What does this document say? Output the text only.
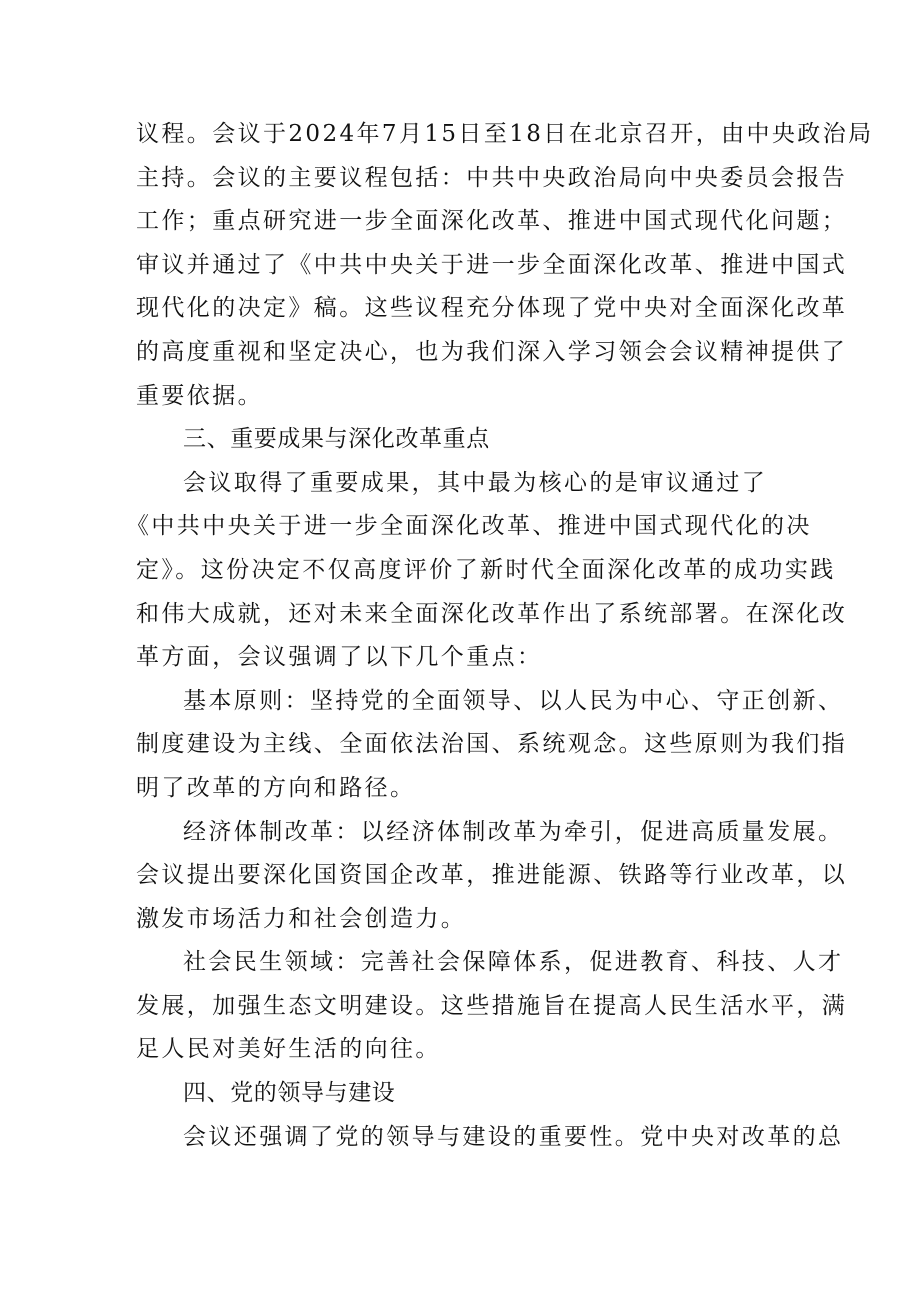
议程。会议于2024年7月15日至18日在北京召开，由中央政治局
主持。会议的主要议程包括：中共中央政治局向中央委员会报告
工作；重点研究进一步全面深化改革、推进中国式现代化问题；
审议并通过了《中共中央关于进一步全面深化改革、推进中国式
现代化的决定》稿。这些议程充分体现了党中央对全面深化改革
的高度重视和坚定决心，也为我们深入学习领会会议精神提供了
重要依据。
三、重要成果与深化改革重点
会议取得了重要成果，其中最为核心的是审议通过了
《中共中央关于进一步全面深化改革、推进中国式现代化的决
定》。这份决定不仅高度评价了新时代全面深化改革的成功实践
和伟大成就，还对未来全面深化改革作出了系统部署。在深化改
革方面，会议强调了以下几个重点：
基本原则：坚持党的全面领导、以人民为中心、守正创新、
制度建设为主线、全面依法治国、系统观念。这些原则为我们指
明了改革的方向和路径。
经济体制改革：以经济体制改革为牵引，促进高质量发展。
会议提出要深化国资国企改革，推进能源、铁路等行业改革，以
激发市场活力和社会创造力。
社会民生领域：完善社会保障体系，促进教育、科技、人才
发展，加强生态文明建设。这些措施旨在提高人民生活水平，满
足人民对美好生活的向往。
四、党的领导与建设
会议还强调了党的领导与建设的重要性。党中央对改革的总
